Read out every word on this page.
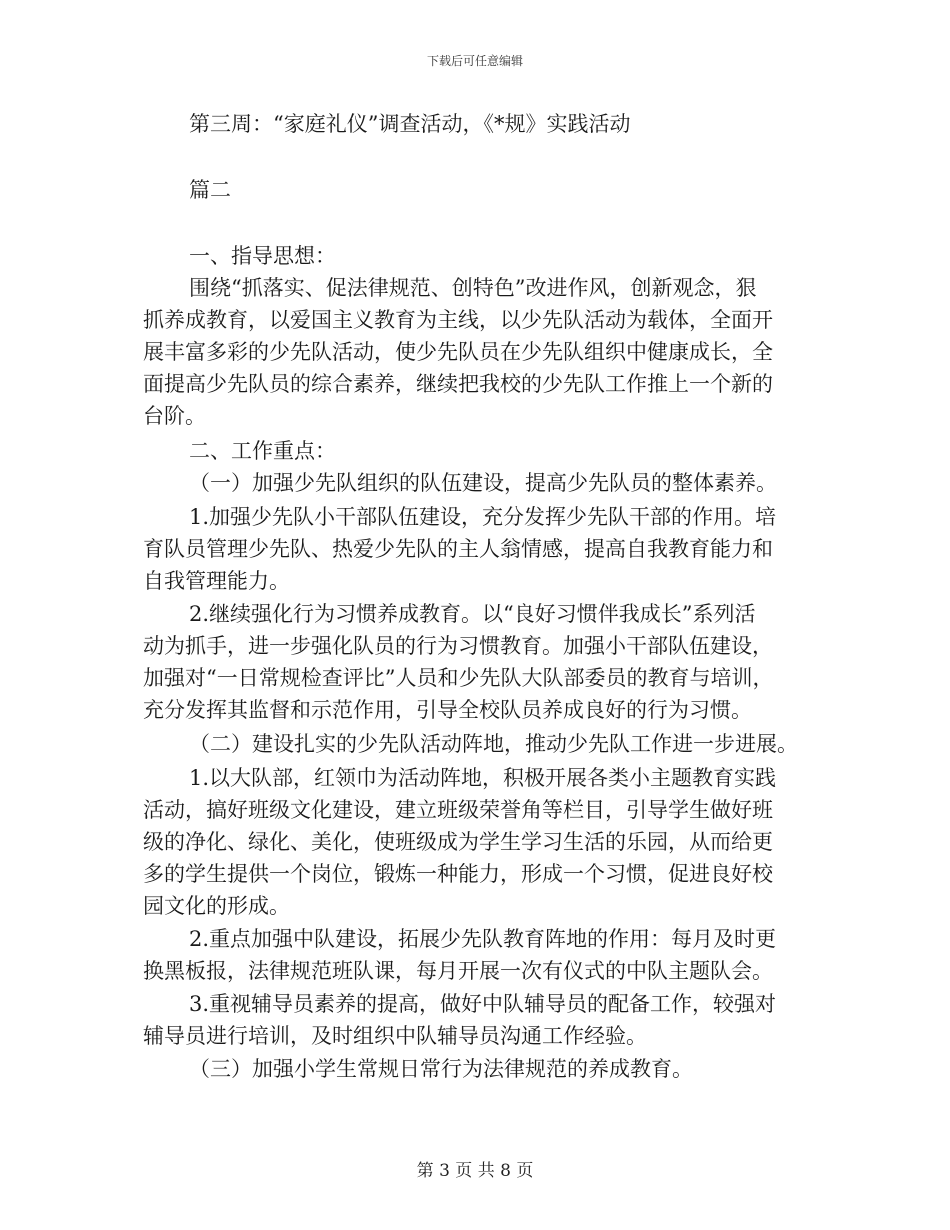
下载后可任意编辑
第三周：“家庭礼仪”调查活动，《*规》实践活动
篇二
一、指导思想：
围绕“抓落实、促法律规范、创特色”改进作风，创新观念，狠
抓养成教育，以爱国主义教育为主线，以少先队活动为载体，全面开
展丰富多彩的少先队活动，使少先队员在少先队组织中健康成长，全
面提高少先队员的综合素养，继续把我校的少先队工作推上一个新的
台阶。
二、工作重点：
（一）加强少先队组织的队伍建设，提高少先队员的整体素养。
1.加强少先队小干部队伍建设，充分发挥少先队干部的作用。培
育队员管理少先队、热爱少先队的主人翁情感，提高自我教育能力和
自我管理能力。
2.继续强化行为习惯养成教育。以“良好习惯伴我成长”系列活
动为抓手，进一步强化队员的行为习惯教育。加强小干部队伍建设，
加强对“一日常规检查评比”人员和少先队大队部委员的教育与培训，
充分发挥其监督和示范作用，引导全校队员养成良好的行为习惯。
（二）建设扎实的少先队活动阵地，推动少先队工作进一步进展。
1.以大队部，红领巾为活动阵地，积极开展各类小主题教育实践
活动，搞好班级文化建设，建立班级荣誉角等栏目，引导学生做好班
级的净化、绿化、美化，使班级成为学生学习生活的乐园，从而给更
多的学生提供一个岗位，锻炼一种能力，形成一个习惯，促进良好校
园文化的形成。
2.重点加强中队建设，拓展少先队教育阵地的作用：每月及时更
换黑板报，法律规范班队课，每月开展一次有仪式的中队主题队会。
3.重视辅导员素养的提高，做好中队辅导员的配备工作，较强对
辅导员进行培训，及时组织中队辅导员沟通工作经验。
（三）加强小学生常规日常行为法律规范的养成教育。
第 3 页 共 8 页
